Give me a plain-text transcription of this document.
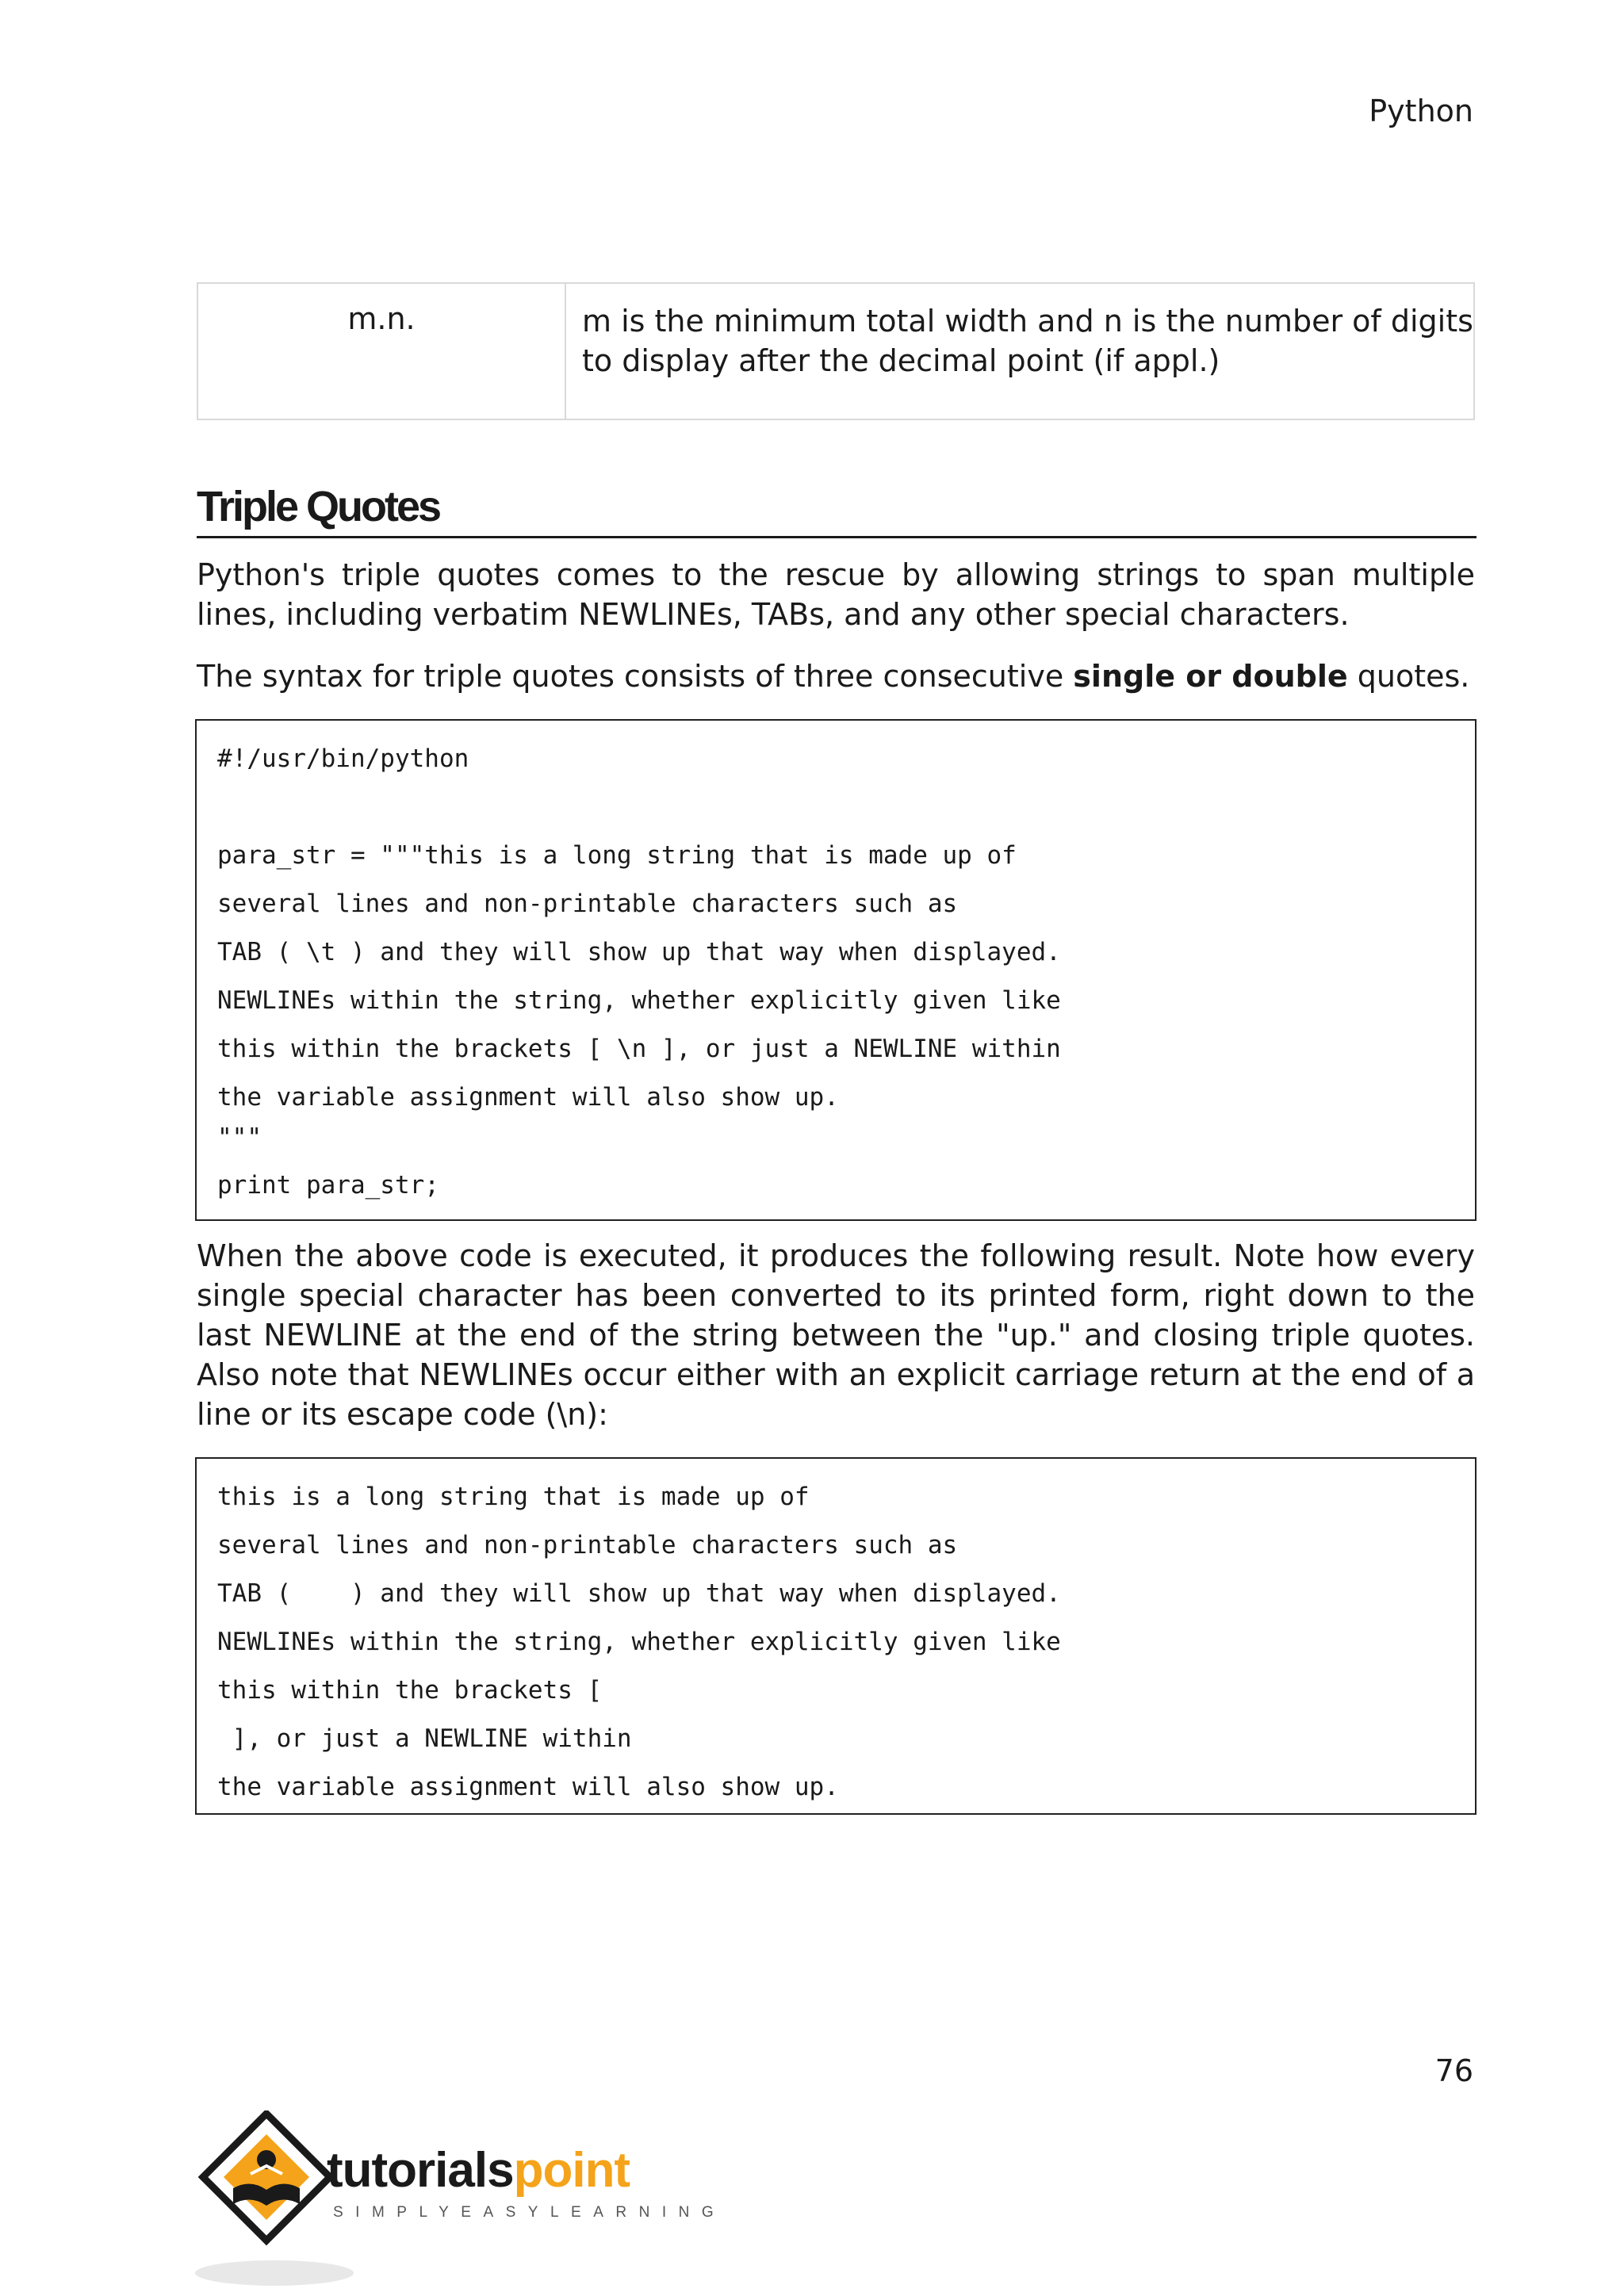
Python
m.n.	m is the minimum total width and n is the number of digits to display after the decimal point (if appl.)
Triple Quotes
Python's triple quotes comes to the rescue by allowing strings to span multiple lines, including verbatim NEWLINEs, TABs, and any other special characters.
The syntax for triple quotes consists of three consecutive single or double quotes.
#!/usr/bin/python
para_str = """this is a long string that is made up of
several lines and non-printable characters such as
TAB ( \t ) and they will show up that way when displayed.
NEWLINEs within the string, whether explicitly given like
this within the brackets [ \n ], or just a NEWLINE within
the variable assignment will also show up.
"""
print para_str;
When the above code is executed, it produces the following result. Note how every single special character has been converted to its printed form, right down to the last NEWLINE at the end of the string between the "up." and closing triple quotes. Also note that NEWLINEs occur either with an explicit carriage return at the end of a line or its escape code (\n):
this is a long string that is made up of
several lines and non-printable characters such as
TAB (    ) and they will show up that way when displayed.
NEWLINEs within the string, whether explicitly given like
this within the brackets [
], or just a NEWLINE within
the variable assignment will also show up.
76
tutorialspoint
SIMPLYEASYLEARNING
